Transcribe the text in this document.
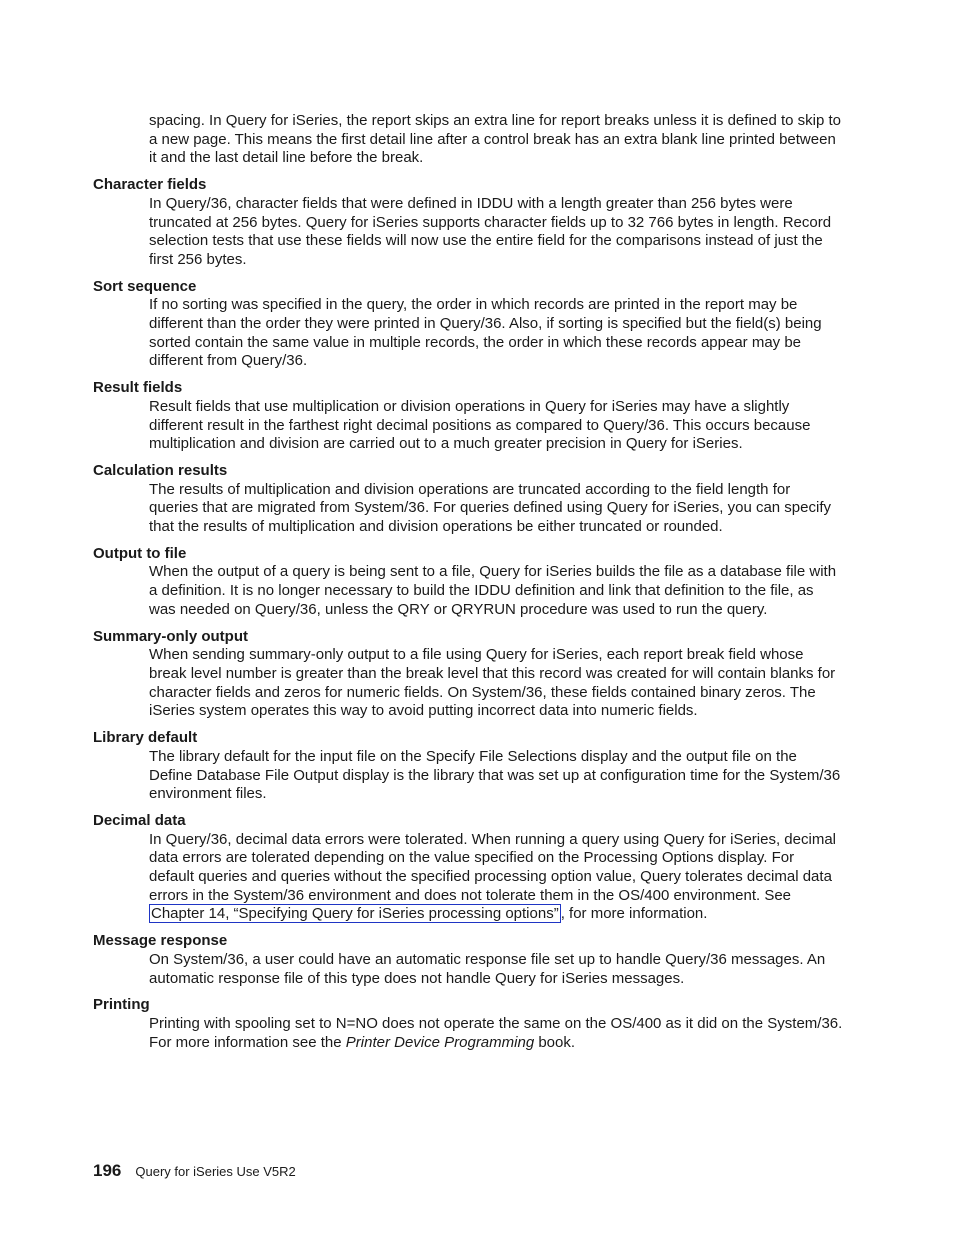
spacing. In Query for iSeries, the report skips an extra line for report breaks unless it is defined to skip to a new page. This means the first detail line after a control break has an extra blank line printed between it and the last detail line before the break.

Character fields

In Query/36, character fields that were defined in IDDU with a length greater than 256 bytes were truncated at 256 bytes. Query for iSeries supports character fields up to 32 766 bytes in length. Record selection tests that use these fields will now use the entire field for the comparisons instead of just the first 256 bytes.

Sort sequence

If no sorting was specified in the query, the order in which records are printed in the report may be different than the order they were printed in Query/36. Also, if sorting is specified but the field(s) being sorted contain the same value in multiple records, the order in which these records appear may be different from Query/36.

Result fields

Result fields that use multiplication or division operations in Query for iSeries may have a slightly different result in the farthest right decimal positions as compared to Query/36. This occurs because multiplication and division are carried out to a much greater precision in Query for iSeries.

Calculation results

The results of multiplication and division operations are truncated according to the field length for queries that are migrated from System/36. For queries defined using Query for iSeries, you can specify that the results of multiplication and division operations be either truncated or rounded.

Output to file

When the output of a query is being sent to a file, Query for iSeries builds the file as a database file with a definition. It is no longer necessary to build the IDDU definition and link that definition to the file, as was needed on Query/36, unless the QRY or QRYRUN procedure was used to run the query.

Summary-only output

When sending summary-only output to a file using Query for iSeries, each report break field whose break level number is greater than the break level that this record was created for will contain blanks for character fields and zeros for numeric fields. On System/36, these fields contained binary zeros. The iSeries system operates this way to avoid putting incorrect data into numeric fields.

Library default

The library default for the input file on the Specify File Selections display and the output file on the Define Database File Output display is the library that was set up at configuration time for the System/36 environment files.

Decimal data

In Query/36, decimal data errors were tolerated. When running a query using Query for iSeries, decimal data errors are tolerated depending on the value specified on the Processing Options display. For default queries and queries without the specified processing option value, Query tolerates decimal data errors in the System/36 environment and does not tolerate them in the OS/400 environment. See Chapter 14, “Specifying Query for iSeries processing options” , for more information.

Message response

On System/36, a user could have an automatic response file set up to handle Query/36 messages. An automatic response file of this type does not handle Query for iSeries messages.

Printing

Printing with spooling set to N=NO does not operate the same on the OS/400 as it did on the System/36. For more information see the Printer Device Programming book.

196 Query for iSeries Use V5R2
